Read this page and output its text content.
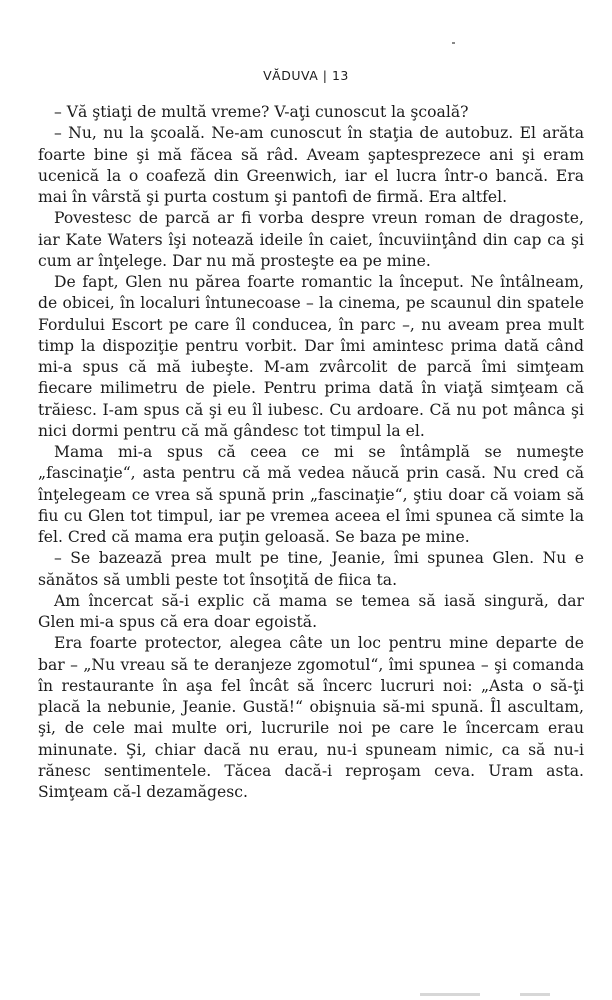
VĂDUVA | 13

– Vă ştiaţi de multă vreme? V-aţi cunoscut la şcoală?

– Nu, nu la şcoală. Ne-am cunoscut în staţia de autobuz. El arăta foarte bine şi mă făcea să râd. Aveam şaptesprezece ani şi eram ucenică la o coafeză din Greenwich, iar el lucra într-o bancă. Era mai în vârstă şi purta costum şi pantofi de firmă. Era altfel.

Povestesc de parcă ar fi vorba despre vreun roman de dragoste, iar Kate Waters îşi notează ideile în caiet, încuviinţând din cap ca şi cum ar înţelege. Dar nu mă prosteşte ea pe mine.

De fapt, Glen nu părea foarte romantic la început. Ne întâlneam, de obicei, în localuri întunecoase – la cinema, pe scaunul din spatele Fordului Escort pe care îl conducea, în parc –, nu aveam prea mult timp la dispoziţie pentru vorbit. Dar îmi amintesc prima dată când mi-a spus că mă iubeşte. M-am zvârcolit de parcă îmi simţeam fiecare milimetru de piele. Pentru prima dată în viaţă simţeam că trăiesc. I-am spus că şi eu îl iubesc. Cu ardoare. Că nu pot mânca şi nici dormi pentru că mă gândesc tot timpul la el.

Mama mi-a spus că ceea ce mi se întâmplă se numeşte „fascinaţie“, asta pentru că mă vedea năucă prin casă. Nu cred că înţelegeam ce vrea să spună prin „fascinaţie“, ştiu doar că voiam să fiu cu Glen tot timpul, iar pe vremea aceea el îmi spunea că simte la fel. Cred că mama era puţin geloasă. Se baza pe mine.

– Se bazează prea mult pe tine, Jeanie, îmi spunea Glen. Nu e sănătos să umbli peste tot însoţită de fiica ta.

Am încercat să-i explic că mama se temea să iasă singură, dar Glen mi-a spus că era doar egoistă.

Era foarte protector, alegea câte un loc pentru mine departe de bar – „Nu vreau să te deranjeze zgomotul“, îmi spunea – şi comanda în restaurante în aşa fel încât să încerc lucruri noi: „Asta o să-ţi placă la nebunie, Jeanie. Gustă!“ obişnuia să-mi spună. Îl ascultam, şi, de cele mai multe ori, lucrurile noi pe care le încercam erau minunate. Şi, chiar dacă nu erau, nu-i spuneam nimic, ca să nu-i rănesc sentimentele. Tăcea dacă-i reproşam ceva. Uram asta. Simţeam că-l dezamăgesc.
